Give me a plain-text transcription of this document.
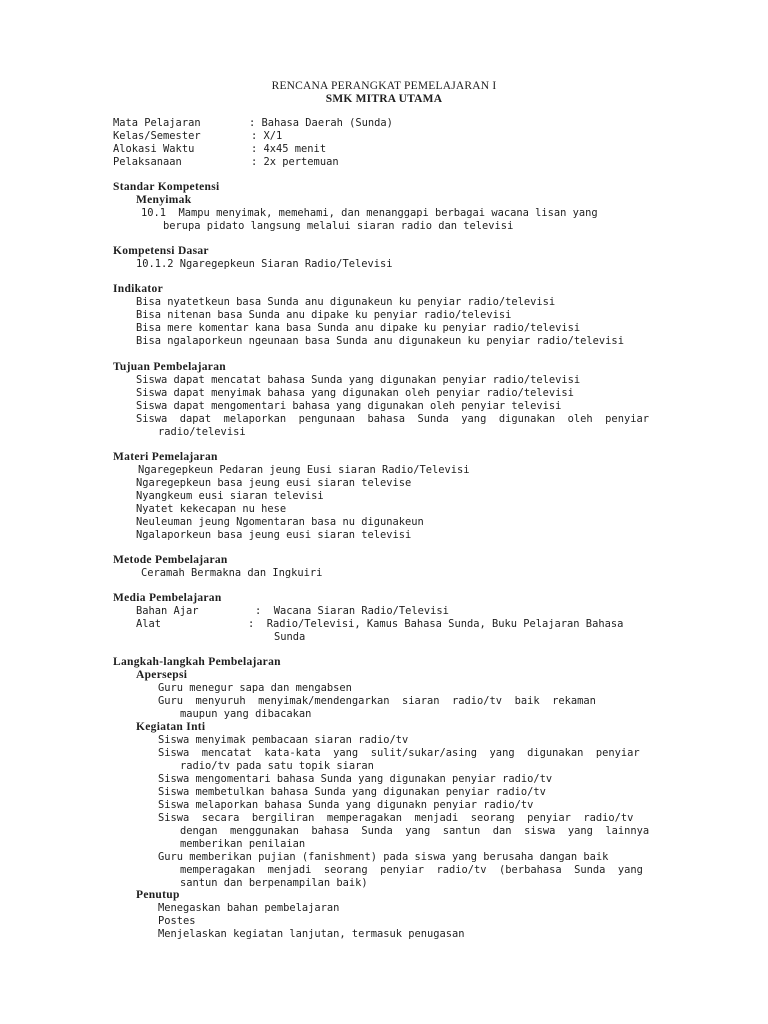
RENCANA PERANGKAT PEMELAJARAN I
SMK MITRA UTAMA
Mata Pelajaran	: Bahasa Daerah (Sunda)
Kelas/Semester	: X/1
Alokasi Waktu	: 4x45 menit
Pelaksanaan	: 2x pertemuan
Standar Kompetensi
Menyimak
10.1  Mampu menyimak, memehami, dan menanggapi berbagai wacana lisan yang
berupa pidato langsung melalui siaran radio dan televisi
Kompetensi Dasar
10.1.2 Ngaregepkeun Siaran Radio/Televisi
Indikator
Bisa nyatetkeun basa Sunda anu digunakeun ku penyiar radio/televisi
Bisa nitenan basa Sunda anu dipake ku penyiar radio/televisi
Bisa mere komentar kana basa Sunda anu dipake ku penyiar radio/televisi
Bisa ngalaporkeun ngeunaan basa Sunda anu digunakeun ku penyiar radio/televisi
Tujuan Pembelajaran
Siswa dapat mencatat bahasa Sunda yang digunakan penyiar radio/televisi
Siswa dapat menyimak bahasa yang digunakan oleh penyiar radio/televisi
Siswa dapat mengomentari bahasa yang digunakan oleh penyiar televisi
Siswa  dapat  melaporkan  pengunaan  bahasa  Sunda  yang  digunakan  oleh  penyiar
radio/televisi
Materi Pemelajaran
Ngaregepkeun Pedaran jeung Eusi siaran Radio/Televisi
Ngaregepkeun basa jeung eusi siaran televise
Nyangkeum eusi siaran televisi
Nyatet kekecapan nu hese
Neuleuman jeung Ngomentaran basa nu digunakeun
Ngalaporkeun basa jeung eusi siaran televisi
Metode Pembelajaran
Ceramah Bermakna dan Ingkuiri
Media Pembelajaran
Bahan Ajar	:  Wacana Siaran Radio/Televisi
Alat	:  Radio/Televisi, Kamus Bahasa Sunda, Buku Pelajaran Bahasa
Sunda
Langkah-langkah Pembelajaran
Apersepsi
Guru menegur sapa dan mengabsen
Guru  menyuruh  menyimak/mendengarkan  siaran  radio/tv  baik  rekaman
maupun yang dibacakan
Kegiatan Inti
Siswa menyimak pembacaan siaran radio/tv
Siswa  mencatat  kata-kata  yang  sulit/sukar/asing  yang  digunakan  penyiar
radio/tv pada satu topik siaran
Siswa mengomentari bahasa Sunda yang digunakan penyiar radio/tv
Siswa membetulkan bahasa Sunda yang digunakan penyiar radio/tv
Siswa melaporkan bahasa Sunda yang digunakn penyiar radio/tv
Siswa  secara  bergiliran  memperagakan  menjadi  seorang  penyiar  radio/tv
dengan  menggunakan  bahasa  Sunda  yang  santun  dan  siswa  yang  lainnya
memberikan penilaian
Guru memberikan pujian (fanishment) pada siswa yang berusaha dangan baik
memperagakan  menjadi  seorang  penyiar  radio/tv  (berbahasa  Sunda  yang
santun dan berpenampilan baik)
Penutup
Menegaskan bahan pembelajaran
Postes
Menjelaskan kegiatan lanjutan, termasuk penugasan
